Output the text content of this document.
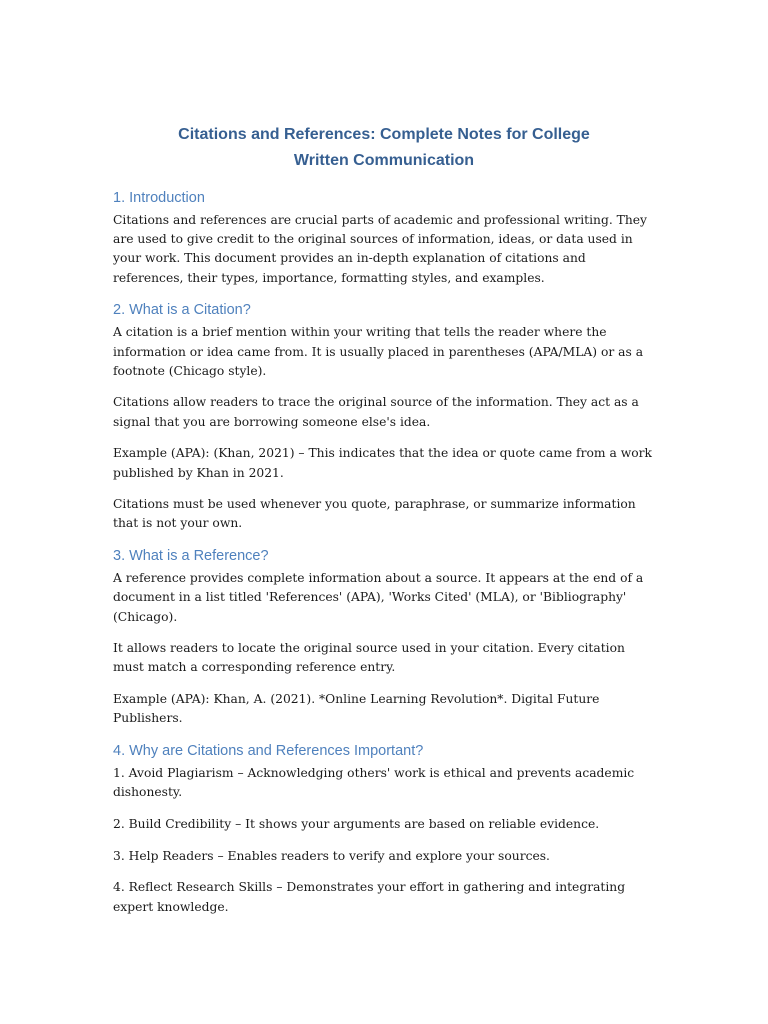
Citations and References: Complete Notes for College Written Communication
1. Introduction

Citations and references are crucial parts of academic and professional writing. They are used to give credit to the original sources of information, ideas, or data used in your work. This document provides an in-depth explanation of citations and references, their types, importance, formatting styles, and examples.

2. What is a Citation?

A citation is a brief mention within your writing that tells the reader where the information or idea came from. It is usually placed in parentheses (APA/MLA) or as a footnote (Chicago style).

Citations allow readers to trace the original source of the information. They act as a signal that you are borrowing someone else's idea.

Example (APA): (Khan, 2021) – This indicates that the idea or quote came from a work published by Khan in 2021.

Citations must be used whenever you quote, paraphrase, or summarize information that is not your own.

3. What is a Reference?

A reference provides complete information about a source. It appears at the end of a document in a list titled 'References' (APA), 'Works Cited' (MLA), or 'Bibliography' (Chicago).

It allows readers to locate the original source used in your citation. Every citation must match a corresponding reference entry.

Example (APA): Khan, A. (2021). *Online Learning Revolution*. Digital Future Publishers.

4. Why are Citations and References Important?

1. Avoid Plagiarism – Acknowledging others' work is ethical and prevents academic dishonesty.

2. Build Credibility – It shows your arguments are based on reliable evidence.

3. Help Readers – Enables readers to verify and explore your sources.

4. Reflect Research Skills – Demonstrates your effort in gathering and integrating expert knowledge.
